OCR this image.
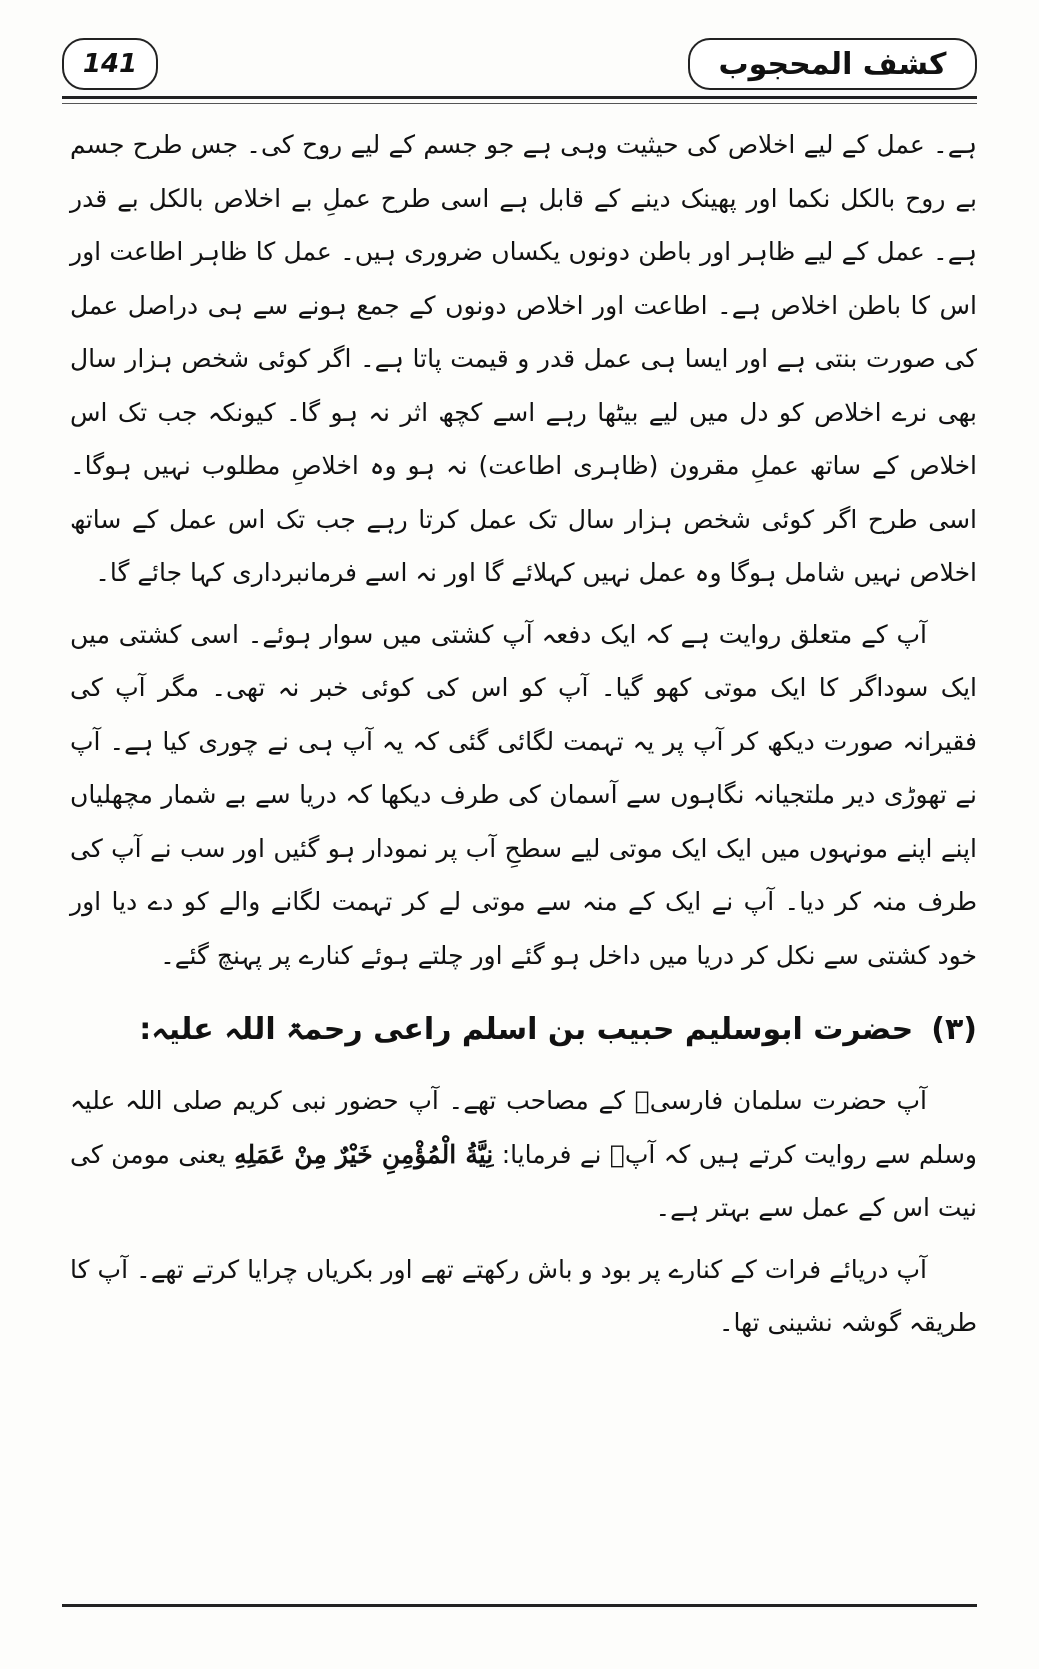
141	کشف المحجوب

ہے۔ عمل کے لیے اخلاص کی حیثیت وہی ہے جو جسم کے لیے روح کی۔ جس طرح جسم بے روح بالکل نکما اور پھینک دینے کے قابل ہے اسی طرح عملِ بے اخلاص بالکل بے قدر ہے۔ عمل کے لیے ظاہر اور باطن دونوں یکساں ضروری ہیں۔ عمل کا ظاہر اطاعت اور اس کا باطن اخلاص ہے۔ اطاعت اور اخلاص دونوں کے جمع ہونے سے ہی دراصل عمل کی صورت بنتی ہے اور ایسا ہی عمل قدر و قیمت پاتا ہے۔ اگر کوئی شخص ہزار سال بھی نرے اخلاص کو دل میں لیے بیٹھا رہے اسے کچھ اثر نہ ہو گا۔ کیونکہ جب تک اس اخلاص کے ساتھ عملِ مقرون (ظاہری اطاعت) نہ ہو وہ اخلاصِ مطلوب نہیں ہوگا۔ اسی طرح اگر کوئی شخص ہزار سال تک عمل کرتا رہے جب تک اس عمل کے ساتھ اخلاص نہیں شامل ہوگا وہ عمل نہیں کہلائے گا اور نہ اسے فرمانبرداری کہا جائے گا۔

آپ کے متعلق روایت ہے کہ ایک دفعہ آپ کشتی میں سوار ہوئے۔ اسی کشتی میں ایک سوداگر کا ایک موتی کھو گیا۔ آپ کو اس کی کوئی خبر نہ تھی۔ مگر آپ کی فقیرانہ صورت دیکھ کر آپ پر یہ تہمت لگائی گئی کہ یہ آپ ہی نے چوری کیا ہے۔ آپ نے تھوڑی دیر ملتجیانہ نگاہوں سے آسمان کی طرف دیکھا کہ دریا سے بے شمار مچھلیاں اپنے اپنے مونہوں میں ایک ایک موتی لیے سطحِ آب پر نمودار ہو گئیں اور سب نے آپ کی طرف منہ کر دیا۔ آپ نے ایک کے منہ سے موتی لے کر تہمت لگانے والے کو دے دیا اور خود کشتی سے نکل کر دریا میں داخل ہو گئے اور چلتے ہوئے کنارے پر پہنچ گئے۔

(۳)
حضرت ابوسلیم حبیب بن اسلم راعی رحمۃ اللہ علیہ:

آپ حضرت سلمان فارسیؓ کے مصاحب تھے۔ آپ حضور نبی کریم صلی اللہ علیہ وسلم سے روایت کرتے ہیں کہ آپؐ نے فرمایا: نِيَّةُ الْمُؤْمِنِ خَيْرٌ مِنْ عَمَلِهِ یعنی مومن کی نیت اس کے عمل سے بہتر ہے۔

آپ دریائے فرات کے کنارے پر بود و باش رکھتے تھے اور بکریاں چرایا کرتے تھے۔ آپ کا طریقہ گوشہ نشینی تھا۔
